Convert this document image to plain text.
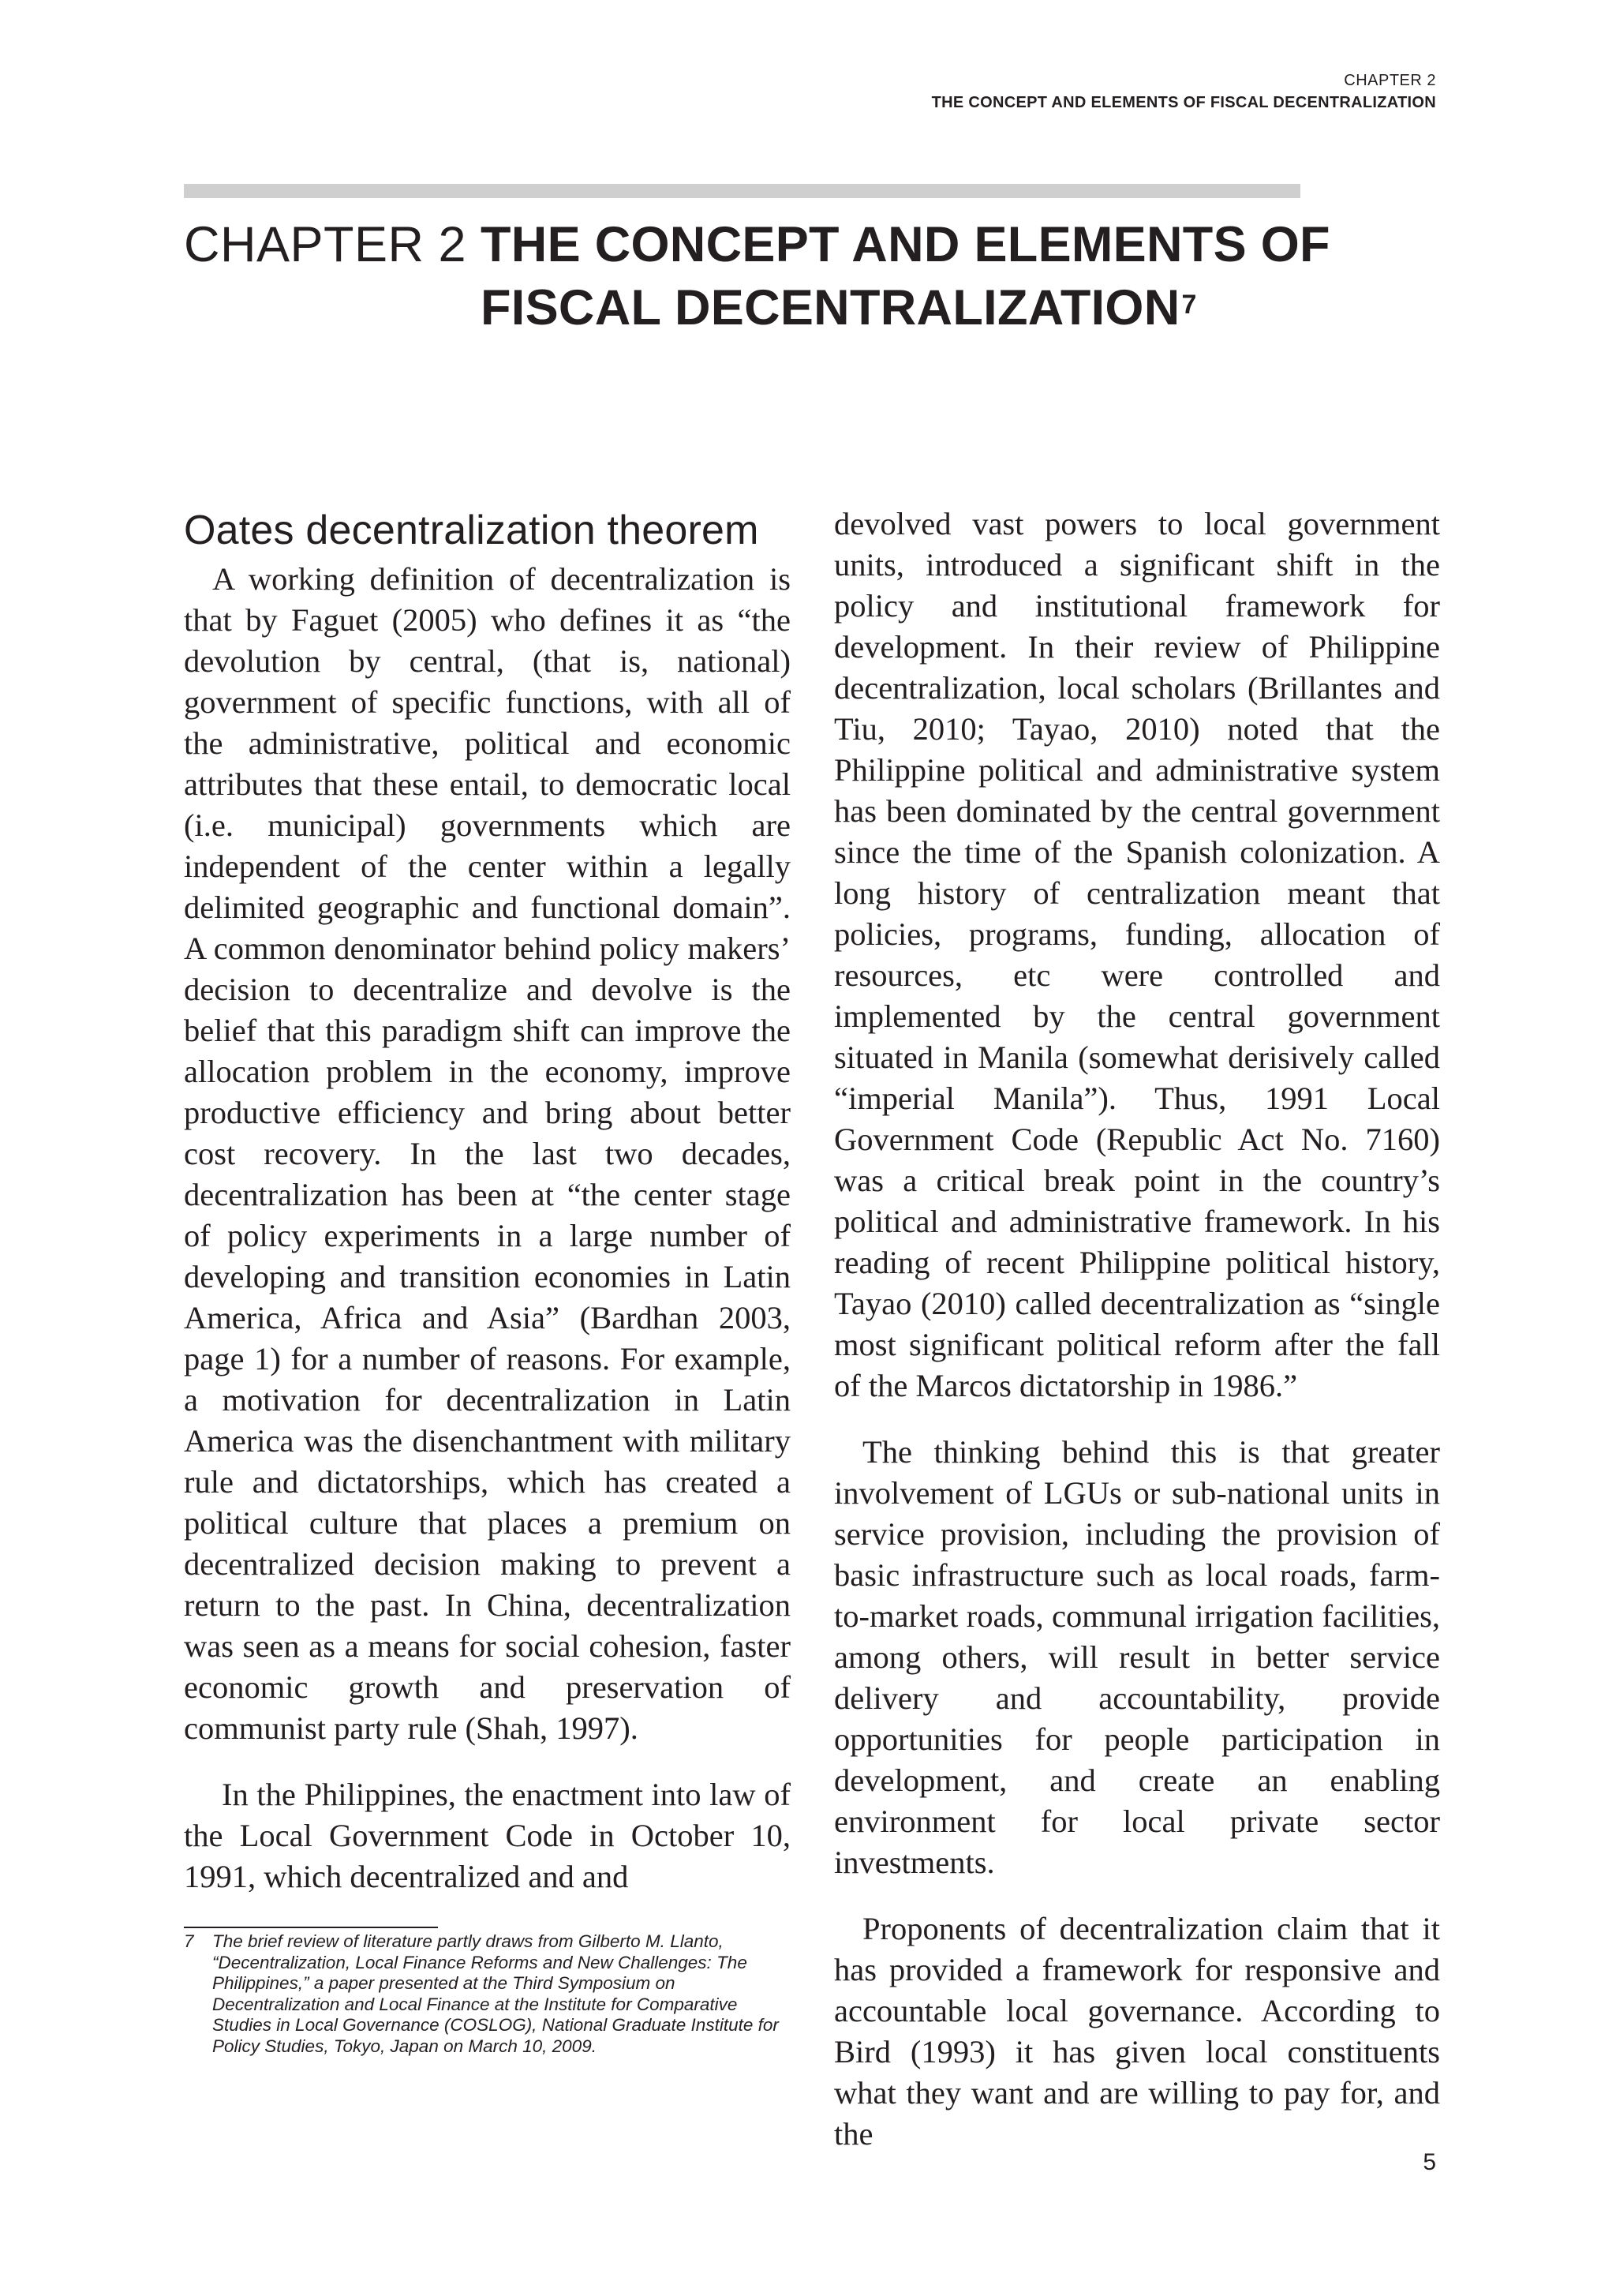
CHAPTER 2
THE CONCEPT AND ELEMENTS OF FISCAL DECENTRALIZATION
CHAPTER 2 THE CONCEPT AND ELEMENTS OF
FISCAL DECENTRALIZATION$^7$
Oates decentralization theorem

A working definition of decentralization is that by Faguet (2005) who defines it as “the devolution by central, (that is, national) government of specific functions, with all of the administrative, political and economic attributes that these entail, to democratic local (i.e. municipal) governments which are independent of the center within a legally delimited geographic and functional domain”. A common denominator behind policy makers’ decision to decentralize and devolve is the belief that this paradigm shift can improve the allocation problem in the economy, improve productive efficiency and bring about better cost recovery. In the last two decades, decentralization has been at “the center stage of policy experiments in a large number of developing and transition economies in Latin America, Africa and Asia” (Bardhan 2003, page 1) for a number of reasons. For example, a motivation for decentralization in Latin America was the disenchantment with military rule and dictatorships, which has created a political culture that places a premium on decentralized decision making to prevent a return to the past. In China, decentralization was seen as a means for social cohesion, faster economic growth and preservation of communist party rule (Shah, 1997).

In the Philippines, the enactment into law of the Local Government Code in October 10, 1991, which decentralized and and

devolved vast powers to local government units, introduced a significant shift in the policy and institutional framework for development. In their review of Philippine decentralization, local scholars (Brillantes and Tiu, 2010; Tayao, 2010) noted that the Philippine political and administrative system has been dominated by the central government since the time of the Spanish colonization. A long history of centralization meant that policies, programs, funding, allocation of resources, etc were controlled and implemented by the central government situated in Manila (somewhat derisively called “imperial Manila”). Thus, 1991 Local Government Code (Republic Act No. 7160) was a critical break point in the country’s political and administrative framework. In his reading of recent Philippine political history, Tayao (2010) called decentralization as “single most significant political reform after the fall of the Marcos dictatorship in 1986.”

The thinking behind this is that greater involvement of LGUs or sub-national units in service provision, including the provision of basic infrastructure such as local roads, farm-to-market roads, communal irrigation facilities, among others, will result in better service delivery and accountability, provide opportunities for people participation in development, and create an enabling environment for local private sector investments.

Proponents of decentralization claim that it has provided a framework for responsive and accountable local governance. According to Bird (1993) it has given local constituents what they want and are willing to pay for, and the

7 The brief review of literature partly draws from Gilberto M. Llanto, “Decentralization, Local Finance Reforms and New Challenges: The Philippines,” a paper presented at the Third Symposium on Decentralization and Local Finance at the Institute for Comparative Studies in Local Governance (COSLOG), National Graduate Institute for Policy Studies, Tokyo, Japan on March 10, 2009.
5
